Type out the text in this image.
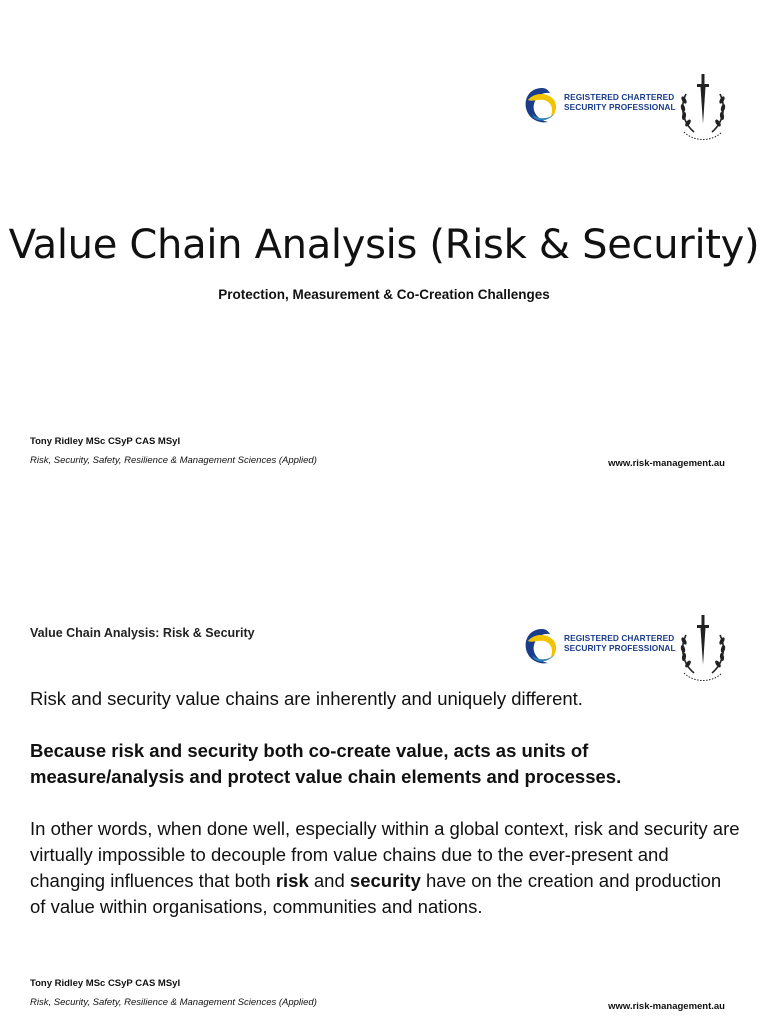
REGISTERED CHARTERED
SECURITY PROFESSIONAL
Value Chain Analysis (Risk & Security)
Protection, Measurement & Co-Creation Challenges
Tony Ridley MSc CSyP CAS MSyI
Risk, Security, Safety, Resilience & Management Sciences (Applied)	www.risk-management.au
Value Chain Analysis: Risk & Security	REGISTERED CHARTERED
SECURITY PROFESSIONAL
Risk and security value chains are inherently and uniquely different.
Because risk and security both co-create value, acts as units of measure/analysis and protect value chain elements and processes.
In other words, when done well, especially within a global context, risk and security are virtually impossible to decouple from value chains due to the ever-present and changing influences that both risk and security have on the creation and production of value within organisations, communities and nations.
Tony Ridley MSc CSyP CAS MSyI
Risk, Security, Safety, Resilience & Management Sciences (Applied)	www.risk-management.au
